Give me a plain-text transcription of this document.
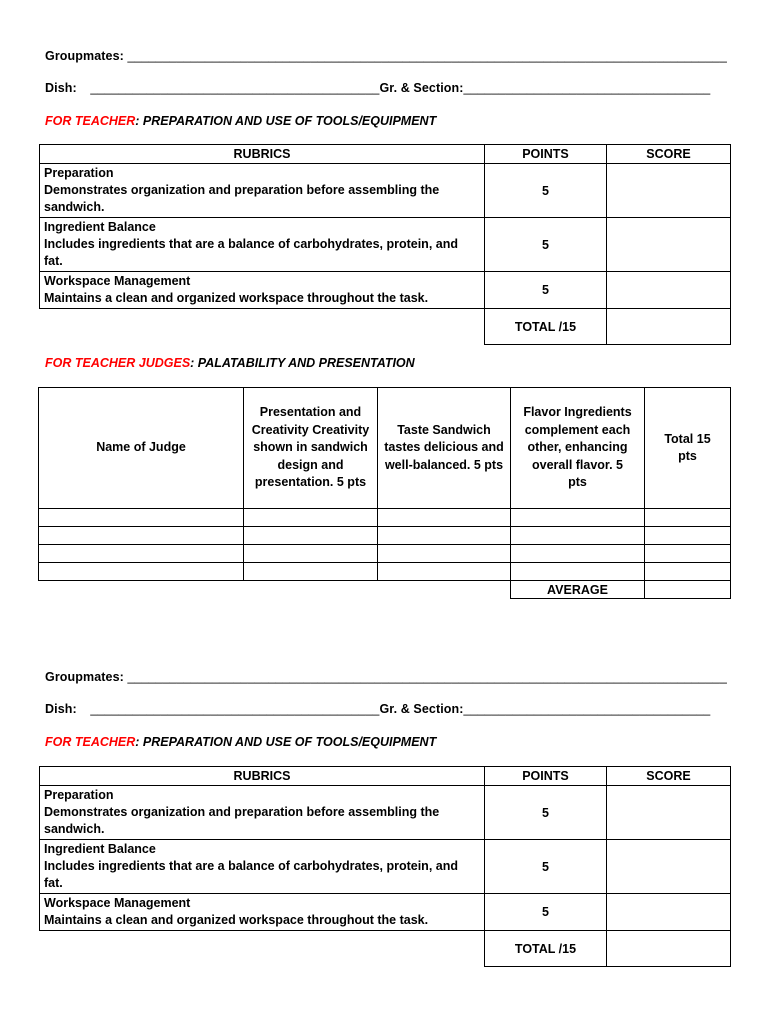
Groupmates: _____________________________________________________________________________________
Dish: _________________________________________Gr. & Section:___________________________________
FOR TEACHER: PREPARATION AND USE OF TOOLS/EQUIPMENT
RUBRICS	POINTS	SCORE

Preparation
Demonstrates organization and preparation before assembling the sandwich.	5	

Ingredient Balance
Includes ingredients that are a balance of carbohydrates, protein, and fat.	5	

Workspace Management
Maintains a clean and organized workspace throughout the task.	5	
	TOTAL /15	
FOR TEACHER JUDGES: PALATABILITY AND PRESENTATION
Name of Judge	Presentation and Creativity Creativity shown in sandwich design and presentation. 5 pts	Taste Sandwich tastes delicious and well-balanced. 5 pts	Flavor Ingredients complement each other, enhancing overall flavor. 5 pts	Total 15 pts

			AVERAGE	
Groupmates: _____________________________________________________________________________________
Dish: _________________________________________Gr. & Section:___________________________________
FOR TEACHER: PREPARATION AND USE OF TOOLS/EQUIPMENT
RUBRICS	POINTS	SCORE

Preparation
Demonstrates organization and preparation before assembling the sandwich.	5	

Ingredient Balance
Includes ingredients that are a balance of carbohydrates, protein, and fat.	5	

Workspace Management
Maintains a clean and organized workspace throughout the task.	5	
	TOTAL /15	
